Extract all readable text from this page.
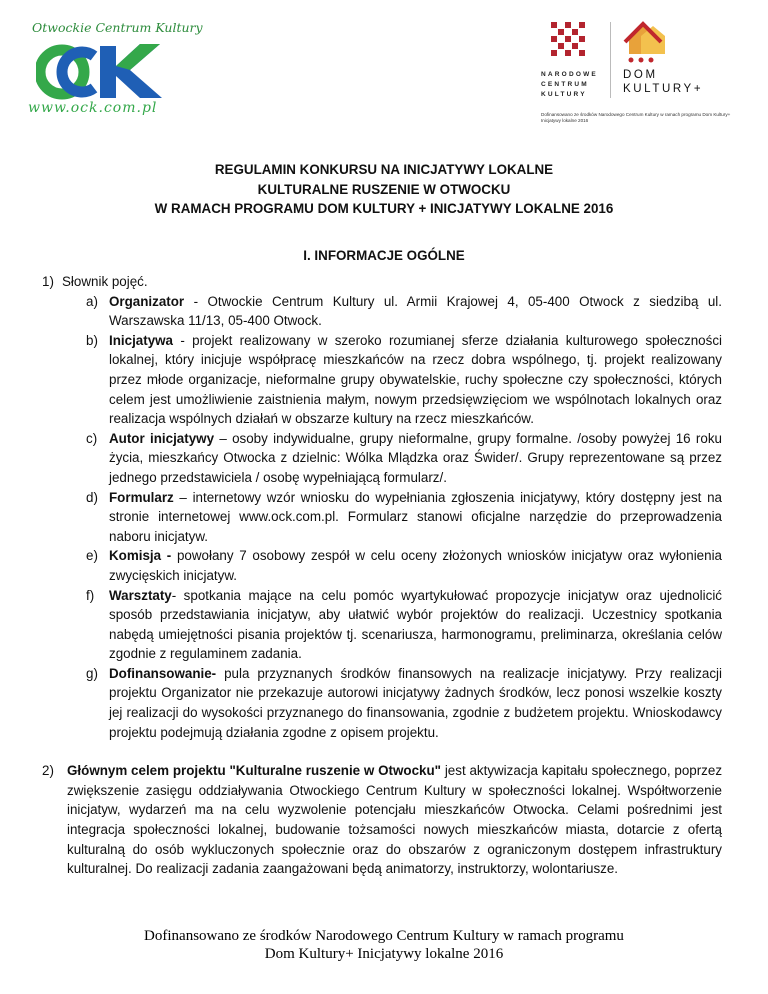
Otwockie Centrum Kultury
www.ock.com.pl
NARODOWE
CENTRUM
KULTURY
DOM
KULTURY+
Dofinansowano ze środków Narodowego Centrum Kultury w ramach programu Dom Kultury+ Inicjatywy lokalne 2016
REGULAMIN KONKURSU NA INICJATYWY LOKALNE
KULTURALNE RUSZENIE W OTWOCKU
W RAMACH PROGRAMU DOM KULTURY + INICJATYWY LOKALNE 2016
I. INFORMACJE OGÓLNE
1) Słownik pojęć.
a) Organizator - Otwockie Centrum Kultury ul. Armii Krajowej 4, 05-400 Otwock z siedzibą ul. Warszawska 11/13, 05-400 Otwock.
b) Inicjatywa - projekt realizowany w szeroko rozumianej sferze działania kulturowego społeczności lokalnej, który inicjuje współpracę mieszkańców na rzecz dobra wspólnego, tj. projekt realizowany przez młode organizacje, nieformalne grupy obywatelskie, ruchy społeczne czy społeczności, których celem jest umożliwienie zaistnienia małym, nowym przedsięwzięciom we wspólnotach lokalnych oraz realizacja wspólnych działań w obszarze kultury na rzecz mieszkańców.
c) Autor inicjatywy – osoby indywidualne, grupy nieformalne, grupy formalne. /osoby powyżej 16 roku życia, mieszkańcy Otwocka z dzielnic: Wólka Mlądzka oraz Świder/. Grupy reprezentowane są przez jednego przedstawiciela / osobę wypełniającą formularz/.
d) Formularz – internetowy wzór wniosku do wypełniania zgłoszenia inicjatywy, który dostępny jest na stronie internetowej www.ock.com.pl. Formularz stanowi oficjalne narzędzie do przeprowadzenia naboru inicjatyw.
e) Komisja - powołany 7 osobowy zespół w celu oceny złożonych wniosków inicjatyw oraz wyłonienia zwycięskich inicjatyw.
f) Warsztaty- spotkania mające na celu pomóc wyartykułować propozycje inicjatyw oraz ujednolicić sposób przedstawiania inicjatyw, aby ułatwić wybór projektów do realizacji. Uczestnicy spotkania nabędą umiejętności pisania projektów tj. scenariusza, harmonogramu, preliminarza, określania celów zgodnie z regulaminem zadania.
g) Dofinansowanie- pula przyznanych środków finansowych na realizacje inicjatywy. Przy realizacji projektu Organizator nie przekazuje autorowi inicjatywy żadnych środków, lecz ponosi wszelkie koszty jej realizacji do wysokości przyznanego do finansowania, zgodnie z budżetem projektu. Wnioskodawcy projektu podejmują działania zgodne z opisem projektu.
2) Głównym celem projektu "Kulturalne ruszenie w Otwocku" jest aktywizacja kapitału społecznego, poprzez zwiększenie zasięgu oddziaływania Otwockiego Centrum Kultury w społeczności lokalnej. Współtworzenie inicjatyw, wydarzeń ma na celu wyzwolenie potencjału mieszkańców Otwocka. Celami pośrednimi jest integracja społeczności lokalnej, budowanie tożsamości nowych mieszkańców miasta, dotarcie z ofertą kulturalną do osób wykluczonych społecznie oraz do obszarów z ograniczonym dostępem infrastruktury kulturalnej. Do realizacji zadania zaangażowani będą animatorzy, instruktorzy, wolontariusze.
Dofinansowano ze środków Narodowego Centrum Kultury w ramach programu
Dom Kultury+ Inicjatywy lokalne 2016
